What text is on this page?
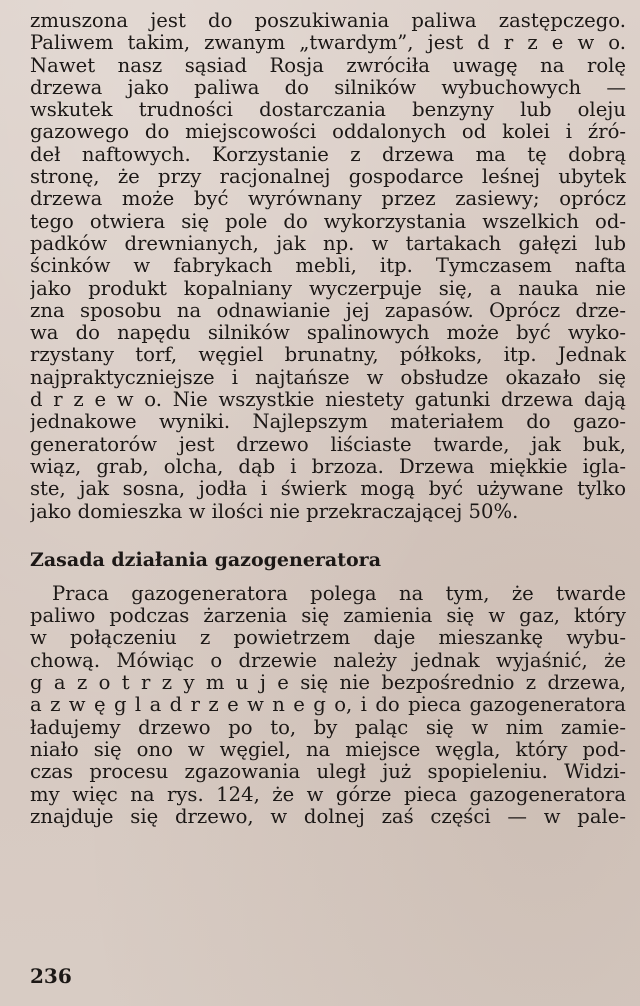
zmuszona jest do poszukiwania paliwa zastępczego.
Paliwem takim, zwanym „twardym”, jest d r z e w o.
Nawet nasz sąsiad Rosja zwróciła uwagę na rolę
drzewa jako paliwa do silników wybuchowych —
wskutek trudności dostarczania benzyny lub oleju
gazowego do miejscowości oddalonych od kolei i źró-
deł naftowych. Korzystanie z drzewa ma tę dobrą
stronę, że przy racjonalnej gospodarce leśnej ubytek
drzewa może być wyrównany przez zasiewy; oprócz
tego otwiera się pole do wykorzystania wszelkich od-
padków drewnianych, jak np. w tartakach gałęzi lub
ścinków w fabrykach mebli, itp. Tymczasem nafta
jako produkt kopalniany wyczerpuje się, a nauka nie
zna sposobu na odnawianie jej zapasów. Oprócz drze-
wa do napędu silników spalinowych może być wyko-
rzystany torf, węgiel brunatny, półkoks, itp. Jednak
najpraktyczniejsze i najtańsze w obsłudze okazało się
d r z e w o. Nie wszystkie niestety gatunki drzewa dają
jednakowe wyniki. Najlepszym materiałem do gazo-
generatorów jest drzewo liściaste twarde, jak buk,
wiąz, grab, olcha, dąb i brzoza. Drzewa miękkie igla-
ste, jak sosna, jodła i świerk mogą być używane tylko
jako domieszka w ilości nie przekraczającej 50%.
Zasada działania gazogeneratora
Praca gazogeneratora polega na tym, że twarde
paliwo podczas żarzenia się zamienia się w gaz, który
w połączeniu z powietrzem daje mieszankę wybu-
chową. Mówiąc o drzewie należy jednak wyjaśnić, że
g a z o t r z y m u j e się nie bezpośrednio z drzewa,
a z w ę g l a d r z e w n e g o, i do pieca gazogeneratora
ładujemy drzewo po to, by paląc się w nim zamie-
niało się ono w węgiel, na miejsce węgla, który pod-
czas procesu zgazowania uległ już spopieleniu. Widzi-
my więc na rys. 124, że w górze pieca gazogeneratora
znajduje się drzewo, w dolnej zaś części — w pale-
236
